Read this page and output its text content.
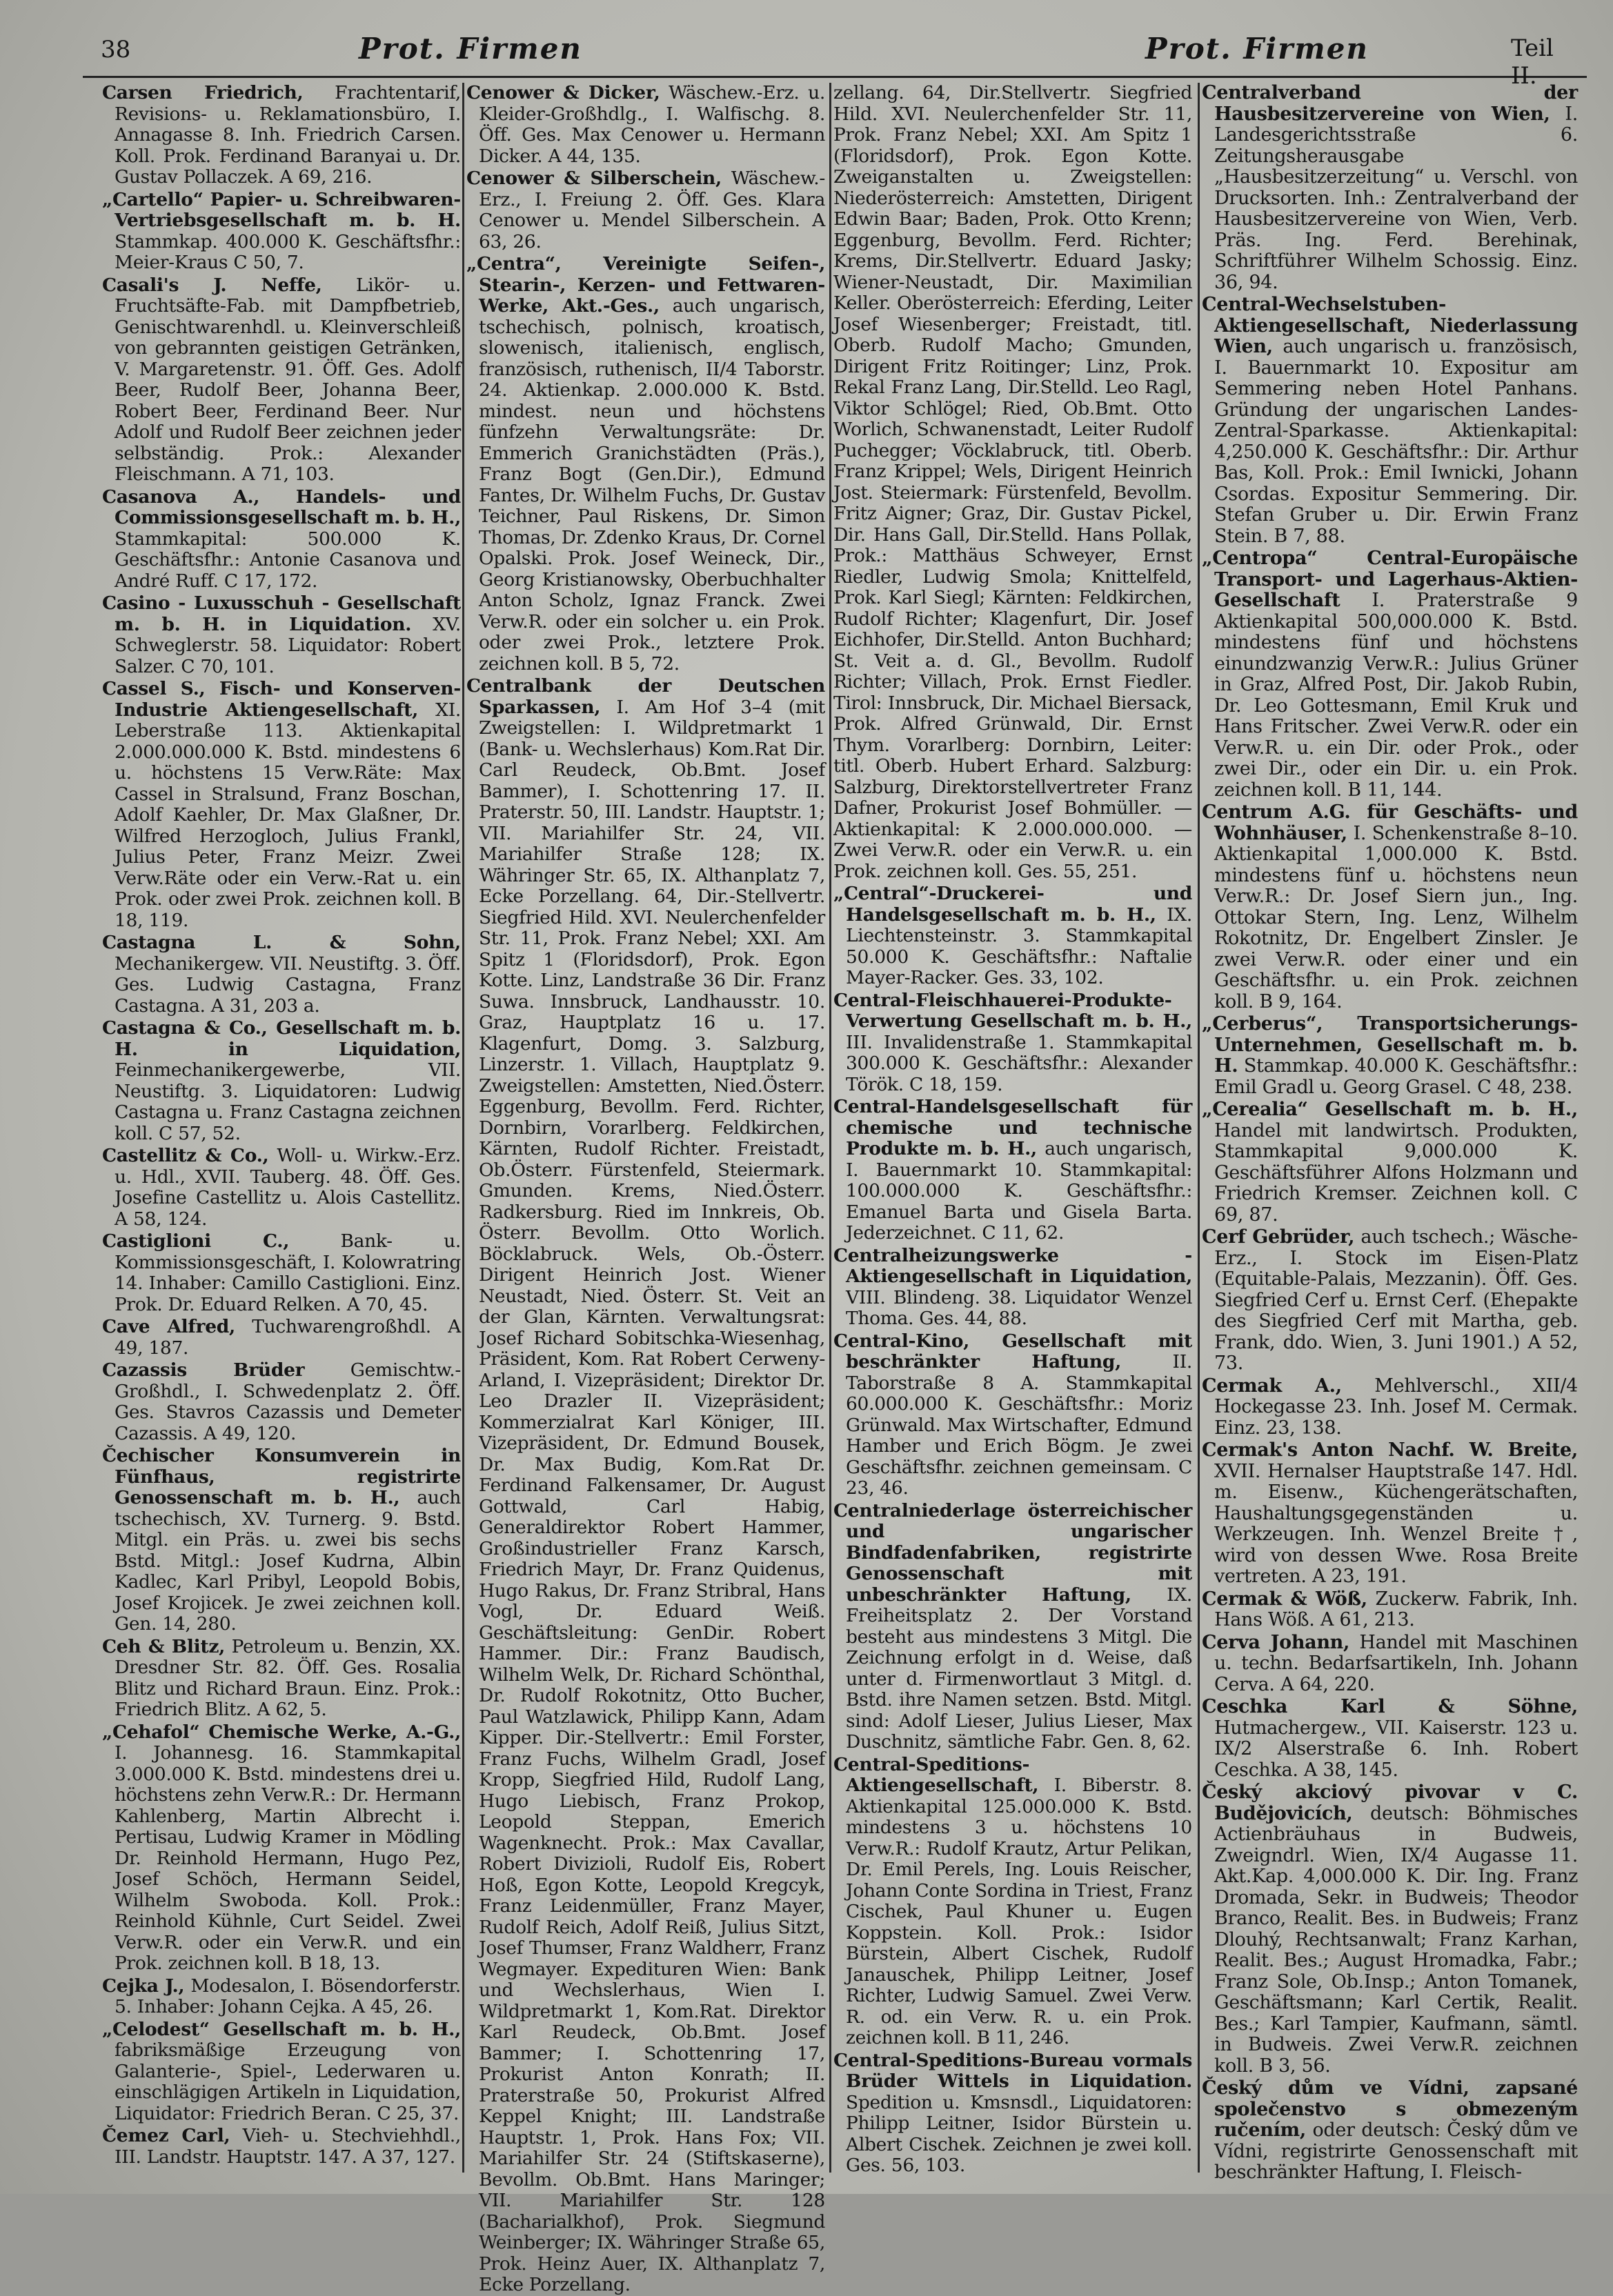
38	Prot. Firmen	Prot. Firmen	Teil II.

Carsen Friedrich, Frachtentarif, Revisions- u. Reklamationsbüro, I. Annagasse 8. Inh. Friedrich Carsen. Koll. Prok. Ferdinand Baranyai u. Dr. Gustav Pollaczek. A 69, 216.

„Cartello“ Papier- u. Schreibwaren-Vertriebsgesellschaft m. b. H. Stammkap. 400.000 K. Geschäftsfhr.: Meier-Kraus C 50, 7.

Casali's J. Neffe, Likör- u. Fruchtsäfte-Fab. mit Dampfbetrieb, Genischtwarenhdl. u. Kleinverschleiß von gebrannten geistigen Getränken, V. Margaretenstr. 91. Öff. Ges. Adolf Beer, Rudolf Beer, Johanna Beer, Robert Beer, Ferdinand Beer. Nur Adolf und Rudolf Beer zeichnen jeder selbständig. Prok.: Alexander Fleischmann. A 71, 103.

Casanova A., Handels- und Commissionsgesellschaft m. b. H., Stammkapital: 500.000 K. Geschäftsfhr.: Antonie Casanova und André Ruff. C 17, 172.

Casino - Luxusschuh - Gesellschaft m. b. H. in Liquidation. XV. Schweglerstr. 58. Liquidator: Robert Salzer. C 70, 101.

Cassel S., Fisch- und Konserven-Industrie Aktiengesellschaft, XI. Leberstraße 113. Aktienkapital 2.000.000.000 K. Bstd. mindestens 6 u. höchstens 15 Verw.Räte: Max Cassel in Stralsund, Franz Boschan, Adolf Kaehler, Dr. Max Glaßner, Dr. Wilfred Herzogloch, Julius Frankl, Julius Peter, Franz Meizr. Zwei Verw.Räte oder ein Verw.-Rat u. ein Prok. oder zwei Prok. zeichnen koll. B 18, 119.

Castagna L. & Sohn, Mechanikergew. VII. Neustiftg. 3. Öff. Ges. Ludwig Castagna, Franz Castagna. A 31, 203 a.

Castagna & Co., Gesellschaft m. b. H. in Liquidation, Feinmechanikergewerbe, VII. Neustiftg. 3. Liquidatoren: Ludwig Castagna u. Franz Castagna zeichnen koll. C 57, 52.

Castellitz & Co., Woll- u. Wirkw.-Erz. u. Hdl., XVII. Tauberg. 48. Öff. Ges. Josefine Castellitz u. Alois Castellitz. A 58, 124.

Castiglioni C.,	Bank- u. Kommissionsgeschäft, I. Kolowratring 14. Inhaber: Camillo Castiglioni. Einz. Prok. Dr. Eduard Relken. A 70, 45.

Cave Alfred, Tuchwarengroßhdl. A 49, 187.

Cazassis Brüder	Gemischtw.-Großhdl., I. Schwedenplatz 2. Öff. Ges. Stavros Cazassis und Demeter Cazassis. A 49, 120.

Čechischer Konsumverein in Fünfhaus, registrirte Genossenschaft m. b. H., auch tschechisch, XV. Turnerg. 9. Bstd. Mitgl. ein Präs. u. zwei bis sechs Bstd. Mitgl.: Josef Kudrna, Albin Kadlec, Karl Pribyl, Leopold Bobis, Josef Krojicek. Je zwei zeichnen koll. Gen. 14, 280.

Ceh & Blitz, Petroleum u. Benzin, XX. Dresdner Str. 82. Öff. Ges. Rosalia Blitz und Richard Braun. Einz. Prok.: Friedrich Blitz. A 62, 5.

„Cehafol“ Chemische Werke, A.-G., I. Johannesg. 16. Stammkapital 3.000.000 K. Bstd. mindestens drei u. höchstens zehn Verw.R.: Dr. Hermann Kahlenberg, Martin Albrecht i. Pertisau, Ludwig Kramer in Mödling Dr. Reinhold Hermann, Hugo Pez, Josef Schöch, Hermann Seidel, Wilhelm Swoboda. Koll. Prok.: Reinhold Kühnle, Curt Seidel. Zwei Verw.R. oder ein Verw.R. und ein Prok. zeichnen koll. B 18, 13.

Cejka J., Modesalon, I. Bösendorferstr. 5. Inhaber: Johann Cejka. A 45, 26.

„Celodest“ Gesellschaft m. b. H., fabriksmäßige Erzeugung von Galanterie-, Spiel-, Lederwaren u. einschlägigen Artikeln in Liquidation, Liquidator: Friedrich Beran. C 25, 37.

Čemez Carl, Vieh- u. Stechviehhdl., III. Landstr. Hauptstr. 147. A 37, 127.

Cenower & Dicker, Wäschew.-Erz. u. Kleider-Großhdlg., I. Walfischg. 8. Öff. Ges. Max Cenower u. Hermann Dicker. A 44, 135.

Cenower & Silberschein, Wäschew.-Erz., I. Freiung 2. Öff. Ges. Klara Cenower u. Mendel Silberschein. A 63, 26.

„Centra“, Vereinigte Seifen-, Stearin-, Kerzen- und Fettwaren-Werke, Akt.-Ges., auch ungarisch, tschechisch, polnisch, kroatisch, slowenisch, italienisch, englisch, französisch, ruthenisch, II/4 Taborstr. 24. Aktienkap. 2.000.000 K. Bstd. mindest. neun und höchstens fünfzehn Verwaltungsräte: Dr. Emmerich Granichstädten (Präs.), Franz Bogt (Gen.Dir.), Edmund Fantes, Dr. Wilhelm Fuchs, Dr. Gustav Teichner, Paul Riskens, Dr. Simon Thomas, Dr. Zdenko Kraus, Dr. Cornel Opalski. Prok. Josef Weineck, Dir., Georg Kristianowsky, Oberbuchhalter Anton Scholz, Ignaz Franck. Zwei Verw.R. oder ein solcher u. ein Prok. oder zwei Prok., letztere Prok. zeichnen koll. B 5, 72.

Centralbank der Deutschen Sparkassen, I. Am Hof 3–4 (mit Zweigstellen: I. Wildpretmarkt 1 (Bank- u. Wechslerhaus) Kom.Rat Dir. Carl Reudeck, Ob.Bmt. Josef Bammer), I. Schottenring 17. II. Praterstr. 50, III. Landstr. Hauptstr. 1; VII. Mariahilfer Str. 24, VII. Mariahilfer Straße 128; IX. Währinger Str. 65, IX. Althanplatz 7, Ecke Porzellang. 64, Dir.-Stellvertr. Siegfried Hild. XVI. Neulerchenfelder Str. 11, Prok. Franz Nebel; XXI. Am Spitz 1 (Floridsdorf), Prok. Egon Kotte. Linz, Landstraße 36 Dir. Franz Suwa. Innsbruck, Landhausstr. 10. Graz, Hauptplatz 16 u. 17. Klagenfurt, Domg. 3. Salzburg, Linzerstr. 1. Villach, Hauptplatz 9. Zweigstellen: Amstetten, Nied.Österr. Eggenburg, Bevollm. Ferd. Richter, Dornbirn, Vorarlberg. Feldkirchen, Kärnten, Rudolf Richter. Freistadt, Ob.Österr. Fürstenfeld, Steiermark. Gmunden. Krems, Nied.Österr. Radkersburg. Ried im Innkreis, Ob. Österr. Bevollm. Otto Worlich. Böcklabruck. Wels, Ob.-Österr. Dirigent Heinrich Jost. Wiener Neustadt, Nied. Österr. St. Veit an der Glan, Kärnten. Verwaltungsrat: Josef Richard Sobitschka-Wiesenhag, Präsident, Kom. Rat Robert Cerweny-Arland, I. Vizepräsident; Direktor Dr. Leo Drazler II. Vizepräsident; Kommerzialrat Karl Königer, III. Vizepräsident, Dr. Edmund Bousek, Dr. Max Budig, Kom.Rat Dr. Ferdinand Falkensamer, Dr. August Gottwald, Carl Habig, Generaldirektor Robert Hammer, Großindustrieller Franz Karsch, Friedrich Mayr, Dr. Franz Quidenus, Hugo Rakus, Dr. Franz Stribral, Hans Vogl, Dr. Eduard Weiß. Geschäftsleitung: GenDir. Robert Hammer. Dir.: Franz Baudisch, Wilhelm Welk, Dr. Richard Schönthal, Dr. Rudolf Rokotnitz, Otto Bucher, Paul Watzlawick, Philipp Kann, Adam Kipper. Dir.-Stellvertr.: Emil Forster, Franz Fuchs, Wilhelm Gradl, Josef Kropp, Siegfried Hild, Rudolf Lang, Hugo Liebisch, Franz Prokop, Leopold Steppan, Emerich Wagenknecht. Prok.: Max Cavallar, Robert Divizioli, Rudolf Eis, Robert Hoß, Egon Kotte, Leopold Kregcyk, Franz Leidenmüller, Franz Mayer, Rudolf Reich, Adolf Reiß, Julius Sitzt, Josef Thumser, Franz Waldherr, Franz Wegmayer. Expedituren Wien: Bank und Wechslerhaus, Wien I. Wildpretmarkt 1, Kom.Rat. Direktor Karl Reudeck, Ob.Bmt. Josef Bammer; I. Schottenring 17, Prokurist Anton Konrath; II. Praterstraße 50, Prokurist Alfred Keppel Knight; III. Landstraße Hauptstr. 1, Prok. Hans Fox; VII. Mariahilfer Str. 24 (Stiftskaserne), Bevollm. Ob.Bmt. Hans Maringer; VII. Mariahilfer Str. 128 (Bacharialkhof), Prok. Siegmund Weinberger; IX. Währinger Straße 65, Prok. Heinz Auer, IX. Althanplatz 7, Ecke Porzellang.

zellang. 64, Dir.Stellvertr. Siegfried Hild. XVI. Neulerchenfelder Str. 11, Prok. Franz Nebel; XXI. Am Spitz 1 (Floridsdorf), Prok. Egon Kotte. Zweiganstalten u. Zweigstellen: Niederösterreich: Amstetten, Dirigent Edwin Baar; Baden, Prok. Otto Krenn; Eggenburg, Bevollm. Ferd. Richter; Krems, Dir.Stellvertr. Eduard Jasky; Wiener-Neustadt, Dir. Maximilian Keller. Oberösterreich: Eferding, Leiter Josef Wiesenberger; Freistadt, titl. Oberb. Rudolf Macho; Gmunden, Dirigent Fritz Roitinger; Linz, Prok. Rekal Franz Lang, Dir.Stelld. Leo Ragl, Viktor Schlögel; Ried, Ob.Bmt. Otto Worlich, Schwanenstadt, Leiter Rudolf Puchegger; Vöcklabruck, titl. Oberb. Franz Krippel; Wels, Dirigent Heinrich Jost. Steiermark: Fürstenfeld, Bevollm. Fritz Aigner; Graz, Dir. Gustav Pickel, Dir. Hans Gall, Dir.Stelld. Hans Pollak, Prok.: Matthäus Schweyer, Ernst Riedler, Ludwig Smola; Knittelfeld, Prok. Karl Siegl; Kärnten: Feldkirchen, Rudolf Richter; Klagenfurt, Dir. Josef Eichhofer, Dir.Stelld. Anton Buchhard; St. Veit a. d. Gl., Bevollm. Rudolf Richter; Villach, Prok. Ernst Fiedler. Tirol: Innsbruck, Dir. Michael Biersack, Prok. Alfred Grünwald, Dir. Ernst Thym. Vorarlberg: Dornbirn, Leiter: titl. Oberb. Hubert Erhard. Salzburg: Salzburg, Direktorstellvertreter Franz Dafner, Prokurist Josef Bohmüller. — Aktienkapital: K 2.000.000.000. — Zwei Verw.R. oder ein Verw.R. u. ein Prok. zeichnen koll. Ges. 55, 251.

„Central“-Druckerei- und Handelsgesellschaft m. b. H., IX. Liechtensteinstr. 3. Stammkapital 50.000 K. Geschäftsfhr.: Naftalie Mayer-Racker. Ges. 33, 102.

Central-Fleischhauerei-Produkte-Verwertung Gesellschaft m. b. H., III. Invalidenstraße 1. Stammkapital 300.000 K. Geschäftsfhr.: Alexander Török. C 18, 159.

Central-Handelsgesellschaft für chemische und technische Produkte m. b. H., auch ungarisch, I. Bauernmarkt 10. Stammkapital: 100.000.000 K. Geschäftsfhr.: Emanuel Barta und Gisela Barta. Jederzeichnet. C 11, 62.

Centralheizungswerke - Aktiengesellschaft in Liquidation, VIII. Blindeng. 38. Liquidator Wenzel Thoma. Ges. 44, 88.

Central-Kino, Gesellschaft mit beschränkter Haftung,	II. Taborstraße 8 A. Stammkapital 60.000.000 K. Geschäftsfhr.: Moriz Grünwald. Max Wirtschafter, Edmund Hamber und Erich Bögm. Je zwei Geschäftsfhr. zeichnen gemeinsam. C 23, 46.

Centralniederlage österreichischer und ungarischer Bindfadenfabriken, registrirte Genossenschaft mit unbeschränkter Haftung, IX. Freiheitsplatz 2. Der Vorstand besteht aus mindestens 3 Mitgl. Die Zeichnung erfolgt in d. Weise, daß unter d. Firmenwortlaut 3 Mitgl. d. Bstd. ihre Namen setzen. Bstd. Mitgl. sind: Adolf Lieser, Julius Lieser, Max Duschnitz, sämtliche Fabr. Gen. 8, 62.

Central-Speditions-Aktiengesellschaft, I. Biberstr. 8. Aktienkapital 125.000.000 K. Bstd. mindestens 3 u. höchstens 10 Verw.R.: Rudolf Krautz, Artur Pelikan, Dr. Emil Perels, Ing. Louis Reischer, Johann Conte Sordina in Triest, Franz Cischek, Paul Khuner u. Eugen Koppstein. Koll. Prok.: Isidor Bürstein, Albert Cischek, Rudolf Janauschek, Philipp Leitner, Josef Richter, Ludwig Samuel. Zwei Verw. R. od. ein Verw. R. u. ein Prok. zeichnen koll. B 11, 246.

Central-Speditions-Bureau vormals Brüder Wittels in Liquidation. Spedition u. Kmsnsdl., Liquidatoren: Philipp Leitner, Isidor Bürstein u. Albert Cischek. Zeichnen je zwei koll. Ges. 56, 103.

Centralverband der Hausbesitzervereine von Wien, I. Landesgerichtsstraße 6. Zeitungsherausgabe „Hausbesitzerzeitung“ u. Verschl. von Drucksorten. Inh.: Zentralverband der Hausbesitzervereine von Wien, Verb. Präs. Ing. Ferd. Berehinak, Schriftführer Wilhelm Schossig. Einz. 36, 94.

Central-Wechselstuben-Aktiengesellschaft, Niederlassung Wien, auch ungarisch u. französisch, I. Bauernmarkt 10. Expositur am Semmering neben Hotel Panhans. Gründung der ungarischen Landes-Zentral-Sparkasse. Aktienkapital: 4,250.000 K. Geschäftsfhr.: Dir. Arthur Bas, Koll. Prok.: Emil Iwnicki, Johann Csordas. Expositur Semmering. Dir. Stefan Gruber u. Dir. Erwin Franz Stein. B 7, 88.

„Centropa“ Central-Europäische Transport- und Lagerhaus-Aktien-Gesellschaft I. Praterstraße 9 Aktienkapital 500,000.000 K. Bstd. mindestens fünf und höchstens einundzwanzig Verw.R.: Julius Grüner in Graz, Alfred Post, Dir. Jakob Rubin, Dr. Leo Gottesmann, Emil Kruk und Hans Fritscher. Zwei Verw.R. oder ein Verw.R. u. ein Dir. oder Prok., oder zwei Dir., oder ein Dir. u. ein Prok. zeichnen koll. B 11, 144.

Centrum A.G. für Geschäfts- und Wohnhäuser, I. Schenkenstraße 8–10. Aktienkapital 1,000.000 K. Bstd. mindestens fünf u. höchstens neun Verw.R.: Dr. Josef Siern jun., Ing. Ottokar Stern, Ing. Lenz, Wilhelm Rokotnitz, Dr. Engelbert Zinsler. Je zwei Verw.R. oder einer und ein Geschäftsfhr. u. ein Prok. zeichnen koll. B 9, 164.

„Cerberus“, Transportsicherungs-Unternehmen, Gesellschaft m. b. H. Stammkap. 40.000 K. Geschäftsfhr.: Emil Gradl u. Georg Grasel. C 48, 238.

„Cerealia“ Gesellschaft m. b. H., Handel mit landwirtsch. Produkten, Stammkapital 9,000.000 K. Geschäftsführer Alfons Holzmann und Friedrich Kremser. Zeichnen koll. C 69, 87.

Cerf Gebrüder, auch tschech.; Wäsche-Erz., I. Stock im Eisen-Platz (Equitable-Palais, Mezzanin). Öff. Ges. Siegfried Cerf u. Ernst Cerf. (Ehepakte des Siegfried Cerf mit Martha, geb. Frank, ddo. Wien, 3. Juni 1901.) A 52, 73.

Cermak A., Mehlverschl., XII/4 Hockegasse 23. Inh. Josef M. Cermak. Einz. 23, 138.

Cermak's Anton Nachf. W. Breite, XVII. Hernalser Hauptstraße 147. Hdl. m. Eisenw., Küchengerätschaften, Haushaltungsgegenständen u. Werkzeugen. Inh. Wenzel Breite †, wird von dessen Wwe. Rosa Breite vertreten. A 23, 191.

Cermak & Wöß, Zuckerw. Fabrik, Inh. Hans Wöß. A 61, 213.

Cerva Johann, Handel mit Maschinen u. techn. Bedarfsartikeln, Inh. Johann Cerva. A 64, 220.

Ceschka Karl & Söhne, Hutmachergew., VII. Kaiserstr. 123 u. IX/2 Alserstraße 6. Inh. Robert Ceschka. A 38, 145.

Český akciový pivovar v C. Budějovicích, deutsch: Böhmisches Actienbräuhaus in Budweis, Zweigndrl. Wien, IX/4 Augasse 11. Akt.Kap. 4,000.000 K. Dir. Ing. Franz Dromada, Sekr. in Budweis; Theodor Branco, Realit. Bes. in Budweis; Franz Dlouhý, Rechtsanwalt; Franz Karhan, Realit. Bes.; August Hromadka, Fabr.; Franz Sole, Ob.Insp.; Anton Tomanek, Geschäftsmann; Karl Certik, Realit. Bes.; Karl Tampier, Kaufmann, sämtl. in Budweis. Zwei Verw.R. zeichnen koll. B 3, 56.

Český dům ve Vídni, zapsané společenstvo s obmezeným ručením, oder deutsch: Český dům ve Vídni, registrirte Genossenschaft mit beschränkter Haftung, I. Fleisch-
